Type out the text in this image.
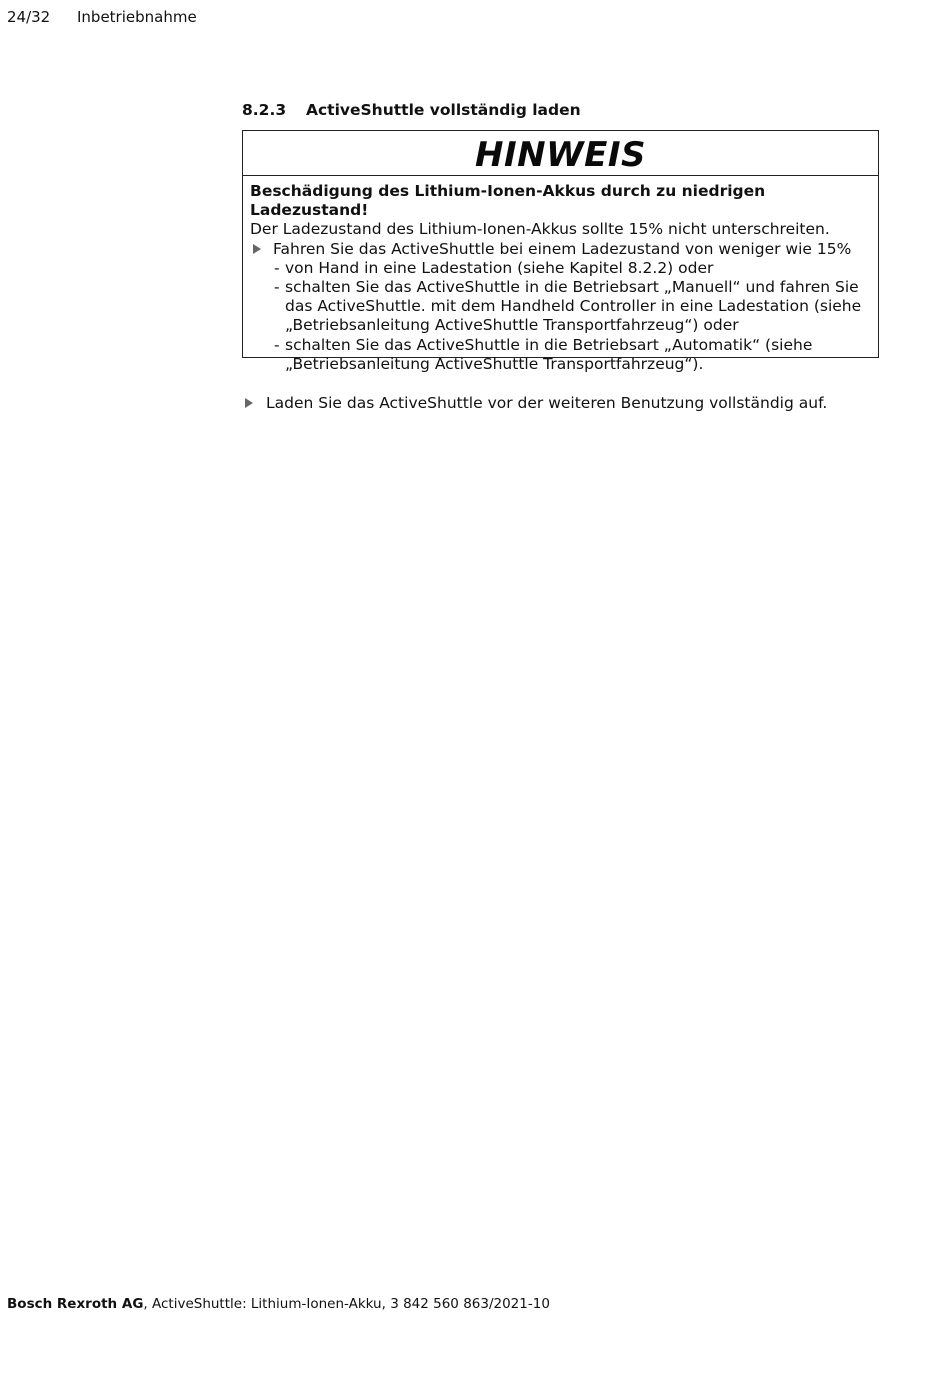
24/32 Inbetriebnahme
8.2.3 ActiveShuttle vollständig laden
HINWEIS
Beschädigung des Lithium-Ionen-Akkus durch zu niedrigen Ladezustand!
Der Ladezustand des Lithium-Ionen-Akkus sollte 15% nicht unterschreiten.
Fahren Sie das ActiveShuttle bei einem Ladezustand von weniger wie 15%
- von Hand in eine Ladestation (siehe Kapitel 8.2.2) oder
- schalten Sie das ActiveShuttle in die Betriebsart „Manuell“ und fahren Sie das ActiveShuttle. mit dem Handheld Controller in eine Ladestation (siehe „Betriebsanleitung ActiveShuttle Transportfahrzeug“) oder
- schalten Sie das ActiveShuttle in die Betriebsart „Automatik“ (siehe „Betriebsanleitung ActiveShuttle Transportfahrzeug“).
Laden Sie das ActiveShuttle vor der weiteren Benutzung vollständig auf.
Bosch Rexroth AG, ActiveShuttle: Lithium-Ionen-Akku, 3 842 560 863/2021-10
